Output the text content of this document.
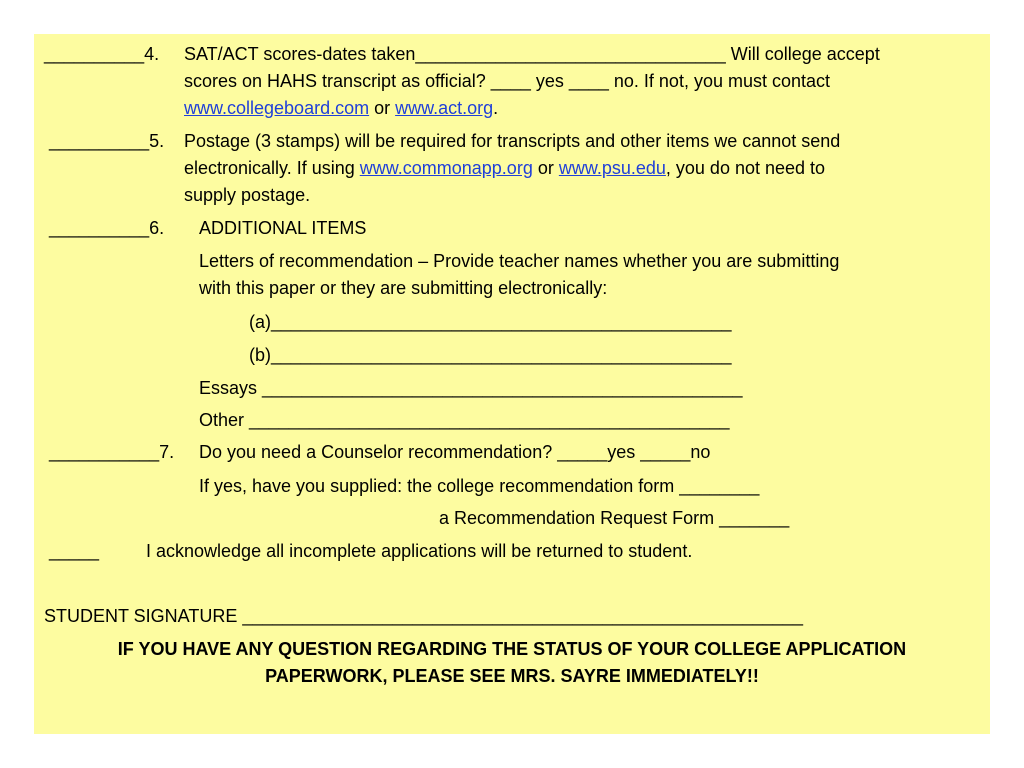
__________4. SAT/ACT scores-dates taken_______________________________ Will college accept
scores on HAHS transcript as official? ____ yes ____ no. If not, you must contact
www.collegeboard.com or www.act.org.
__________5. Postage (3 stamps) will be required for transcripts and other items we cannot send
electronically. If using www.commonapp.org or www.psu.edu, you do not need to
supply postage.
__________6. ADDITIONAL ITEMS
Letters of recommendation – Provide teacher names whether you are submitting
with this paper or they are submitting electronically:
(a)______________________________________________
(b)______________________________________________
Essays ________________________________________________
Other ________________________________________________
___________7. Do you need a Counselor recommendation? _____yes _____no
If yes, have you supplied: the college recommendation form ________
a Recommendation Request Form _______
_____	I acknowledge all incomplete applications will be returned to student.
STUDENT SIGNATURE ________________________________________________________
IF YOU HAVE ANY QUESTION REGARDING THE STATUS OF YOUR COLLEGE APPLICATION
PAPERWORK, PLEASE SEE MRS. SAYRE IMMEDIATELY!!
